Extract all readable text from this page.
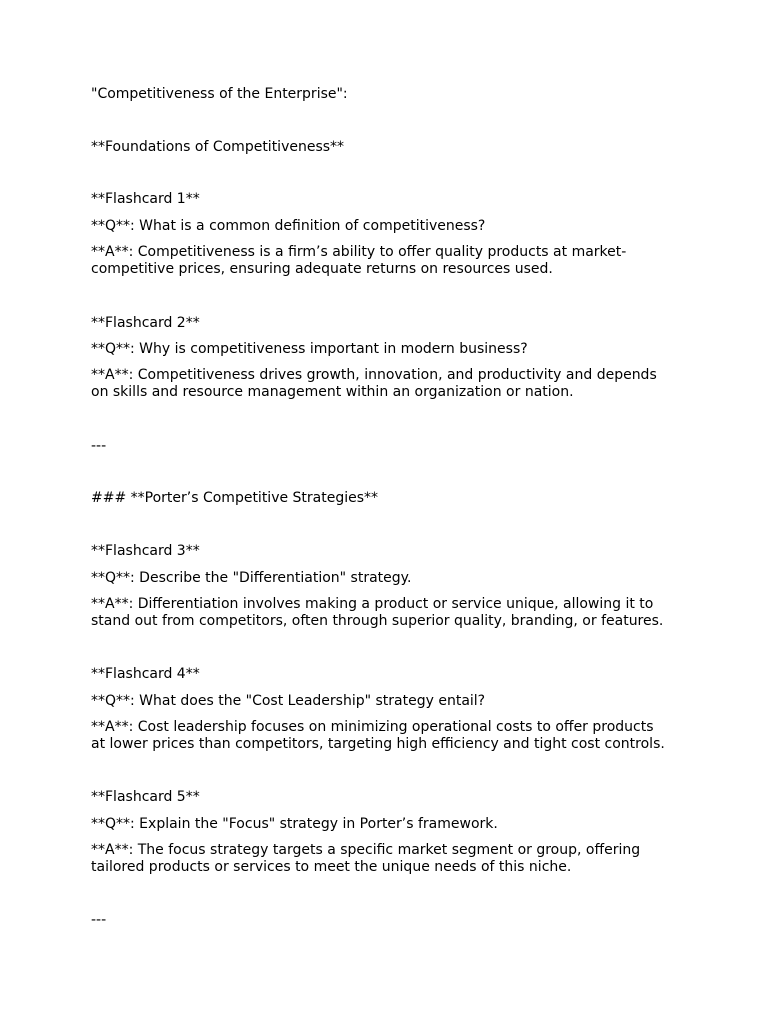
"Competitiveness of the Enterprise":

**Foundations of Competitiveness**

**Flashcard 1**

**Q**: What is a common definition of competitiveness?

**A**: Competitiveness is a firm’s ability to offer quality products at market-

competitive prices, ensuring adequate returns on resources used.

**Flashcard 2**

**Q**: Why is competitiveness important in modern business?

**A**: Competitiveness drives growth, innovation, and productivity and depends

on skills and resource management within an organization or nation.

---

### **Porter’s Competitive Strategies**

**Flashcard 3**

**Q**: Describe the "Differentiation" strategy.

**A**: Differentiation involves making a product or service unique, allowing it to

stand out from competitors, often through superior quality, branding, or features.

**Flashcard 4**

**Q**: What does the "Cost Leadership" strategy entail?

**A**: Cost leadership focuses on minimizing operational costs to offer products

at lower prices than competitors, targeting high efficiency and tight cost controls.

**Flashcard 5**

**Q**: Explain the "Focus" strategy in Porter’s framework.

**A**: The focus strategy targets a specific market segment or group, offering

tailored products or services to meet the unique needs of this niche.

---
